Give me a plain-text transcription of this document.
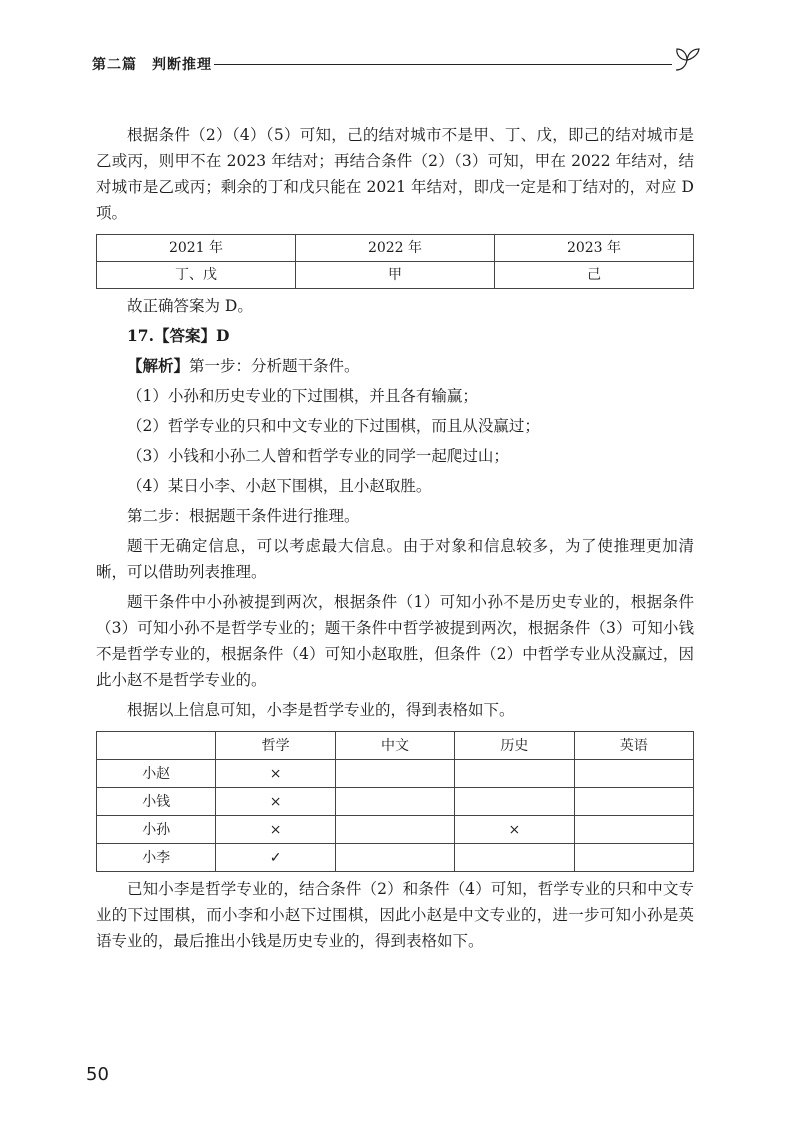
第二篇 判断推理

根据条件（2）（4）（5）可知，己的结对城市不是甲、丁、戊，即己的结对城市是乙或丙，则甲不在 2023 年结对；再结合条件（2）（3）可知，甲在 2022 年结对，结对城市是乙或丙；剩余的丁和戊只能在 2021 年结对，即戊一定是和丁结对的，对应 D 项。

2021 年	2022 年	2023 年
丁、戊	甲	己

故正确答案为 D。

17.【答案】D

【解析】第一步：分析题干条件。

（1）小孙和历史专业的下过围棋，并且各有输赢；

（2）哲学专业的只和中文专业的下过围棋，而且从没赢过；

（3）小钱和小孙二人曾和哲学专业的同学一起爬过山；

（4）某日小李、小赵下围棋，且小赵取胜。

第二步：根据题干条件进行推理。

题干无确定信息，可以考虑最大信息。由于对象和信息较多，为了使推理更加清晰，可以借助列表推理。

题干条件中小孙被提到两次，根据条件（1）可知小孙不是历史专业的，根据条件（3）可知小孙不是哲学专业的；题干条件中哲学被提到两次，根据条件（3）可知小钱不是哲学专业的，根据条件（4）可知小赵取胜，但条件（2）中哲学专业从没赢过，因此小赵不是哲学专业的。

根据以上信息可知，小李是哲学专业的，得到表格如下。

	哲学	中文	历史	英语
小赵	×			
小钱	×			
小孙	×		×	
小李	✓			

已知小李是哲学专业的，结合条件（2）和条件（4）可知，哲学专业的只和中文专业的下过围棋，而小李和小赵下过围棋，因此小赵是中文专业的，进一步可知小孙是英语专业的，最后推出小钱是历史专业的，得到表格如下。

50
